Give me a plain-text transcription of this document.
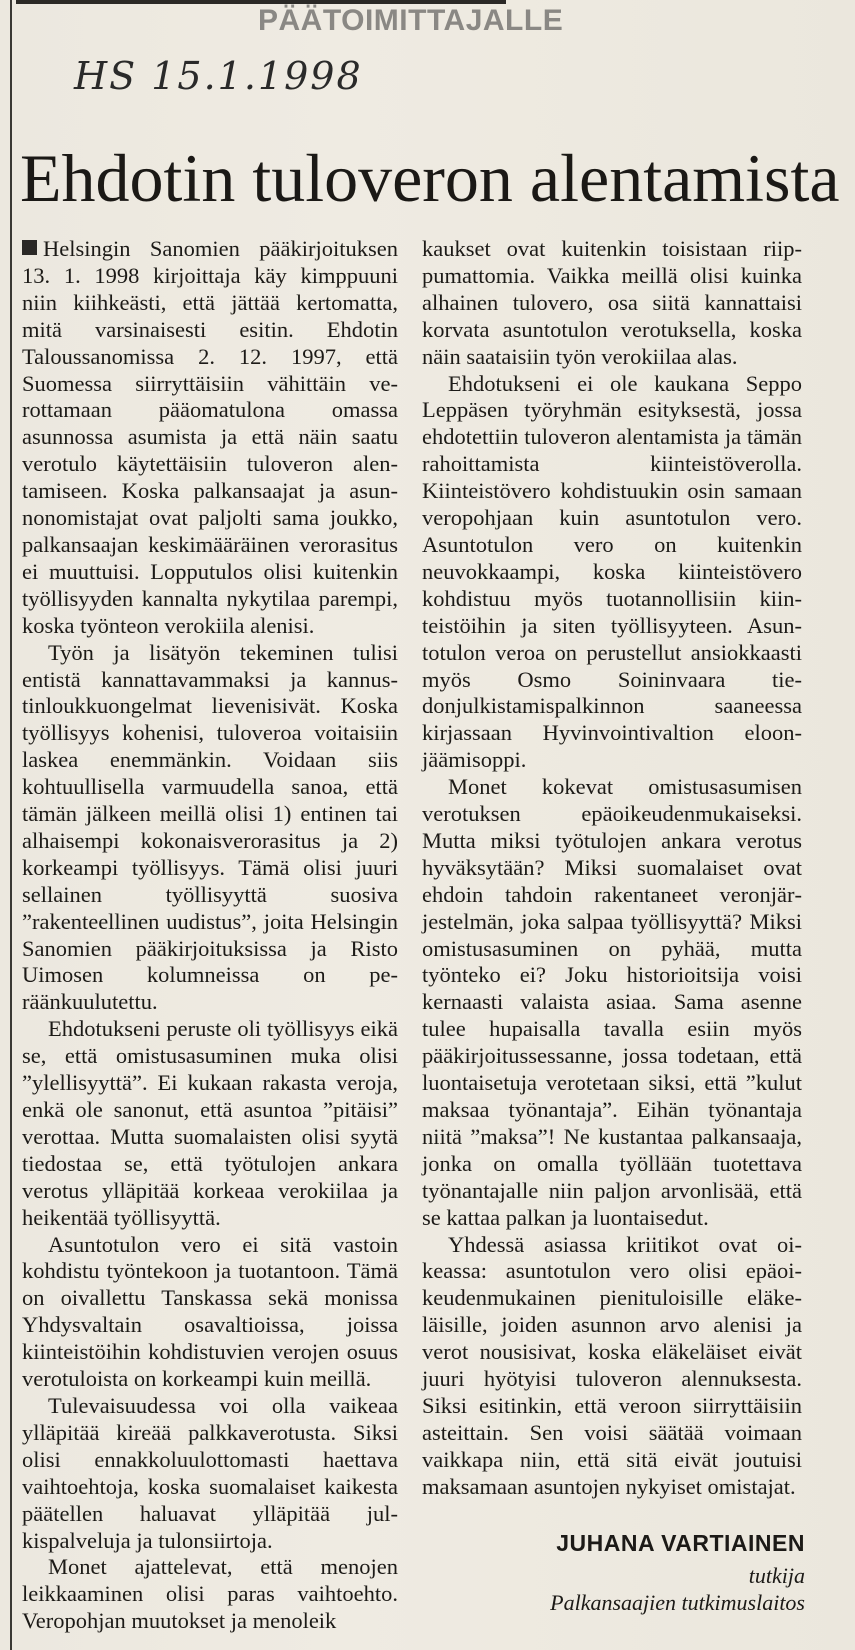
PÄÄTOIMITTAJALLE
HS 15.1.1998
Ehdotin tuloveron alentamista

Helsingin Sanomien pääkirjoituksen 13. 1. 1998 kirjoittaja käy kimppuuni niin kiihkeästi, että jättää kertomatta, mitä varsinaisesti esitin. Ehdotin Taloussanomissa 2. 12. 1997, että Suomessa siirryttäisiin vähittäin verottamaan pääomatulona omassa asunnossa asumista ja että näin saatu verotulo käytettäisiin tuloveron alentamiseen. Koska palkansaajat ja asunnonomistajat ovat paljolti sama joukko, palkansaajan keskimääräinen verorasitus ei muuttuisi. Lopputulos olisi kuitenkin työllisyyden kannalta nykytilaa parempi, koska työnteon verokiila alenisi.

Työn ja lisätyön tekeminen tulisi entistä kannattavammaksi ja kannustinloukkuongelmat lievenisivät. Koska työllisyys kohenisi, tuloveroa voitaisiin laskea enemmänkin. Voidaan siis kohtuullisella varmuudella sanoa, että tämän jälkeen meillä olisi 1) entinen tai alhaisempi kokonaisverorasitus ja 2) korkeampi työllisyys. Tämä olisi juuri sellainen työllisyyttä suosiva ”rakenteellinen uudistus”, joita Helsingin Sanomien pääkirjoituksissa ja Risto Uimosen kolumneissa on peräänkuulutettu.

Ehdotukseni peruste oli työllisyys eikä se, että omistusasuminen muka olisi ”ylellisyyttä”. Ei kukaan rakasta veroja, enkä ole sanonut, että asuntoa ”pitäisi” verottaa. Mutta suomalaisten olisi syytä tiedostaa se, että työtulojen ankara verotus ylläpitää korkeaa verokiilaa ja heikentää työllisyyttä.

Asuntotulon vero ei sitä vastoin kohdistu työntekoon ja tuotantoon. Tämä on oivallettu Tanskassa sekä monissa Yhdysvaltain osavaltioissa, joissa kiinteistöihin kohdistuvien verojen osuus verotuloista on korkeampi kuin meillä.

Tulevaisuudessa voi olla vaikeaa ylläpitää kireää palkkaverotusta. Siksi olisi ennakkoluulottomasti haettava vaihtoehtoja, koska suomalaiset kaikesta päätellen haluavat ylläpitää julkispalveluja ja tulonsiirtoja.

Monet ajattelevat, että menojen leikkaaminen olisi paras vaihtoehto. Veropohjan muutokset ja menoleik

kaukset ovat kuitenkin toisistaan riippumattomia. Vaikka meillä olisi kuinka alhainen tulovero, osa siitä kannattaisi korvata asuntotulon verotuksella, koska näin saataisiin työn verokiilaa alas.

Ehdotukseni ei ole kaukana Seppo Leppäsen työryhmän esityksestä, jossa ehdotettiin tuloveron alentamista ja tämän rahoittamista kiinteistöverolla. Kiinteistövero kohdistuukin osin samaan veropohjaan kuin asuntotulon vero. Asuntotulon vero on kuitenkin neuvokkaampi, koska kiinteistövero kohdistuu myös tuotannollisiin kiinteistöihin ja siten työllisyyteen. Asuntotulon veroa on perustellut ansiokkaasti myös Osmo Soininvaara tiedonjulkistamispalkinnon saaneessa kirjassaan Hyvinvointivaltion eloonjäämisoppi.

Monet kokevat omistusasumisen verotuksen epäoikeudenmukaiseksi. Mutta miksi työtulojen ankara verotus hyväksytään? Miksi suomalaiset ovat ehdoin tahdoin rakentaneet veronjärjestelmän, joka salpaa työllisyyttä? Miksi omistusasuminen on pyhää, mutta työnteko ei? Joku historioitsija voisi kernaasti valaista asiaa. Sama asenne tulee hupaisalla tavalla esiin myös pääkirjoitussessanne, jossa todetaan, että luontaisetuja verotetaan siksi, että ”kulut maksaa työnantaja”. Eihän työnantaja niitä ”maksa”! Ne kustantaa palkansaaja, jonka on omalla työllään tuotettava työnantajalle niin paljon arvonlisää, että se kattaa palkan ja luontaisedut.

Yhdessä asiassa kriitikot ovat oikeassa: asuntotulon vero olisi epäoikeudenmukainen pienituloisille eläkeläisille, joiden asunnon arvo alenisi ja verot nousisivat, koska eläkeläiset eivät juuri hyötyisi tuloveron alennuksesta. Siksi esitinkin, että veroon siirryttäisiin asteittain. Sen voisi säätää voimaan vaikkapa niin, että sitä eivät joutuisi maksamaan asuntojen nykyiset omistajat.

JUHANA VARTIAINEN
tutkija
Palkansaajien tutkimuslaitos
